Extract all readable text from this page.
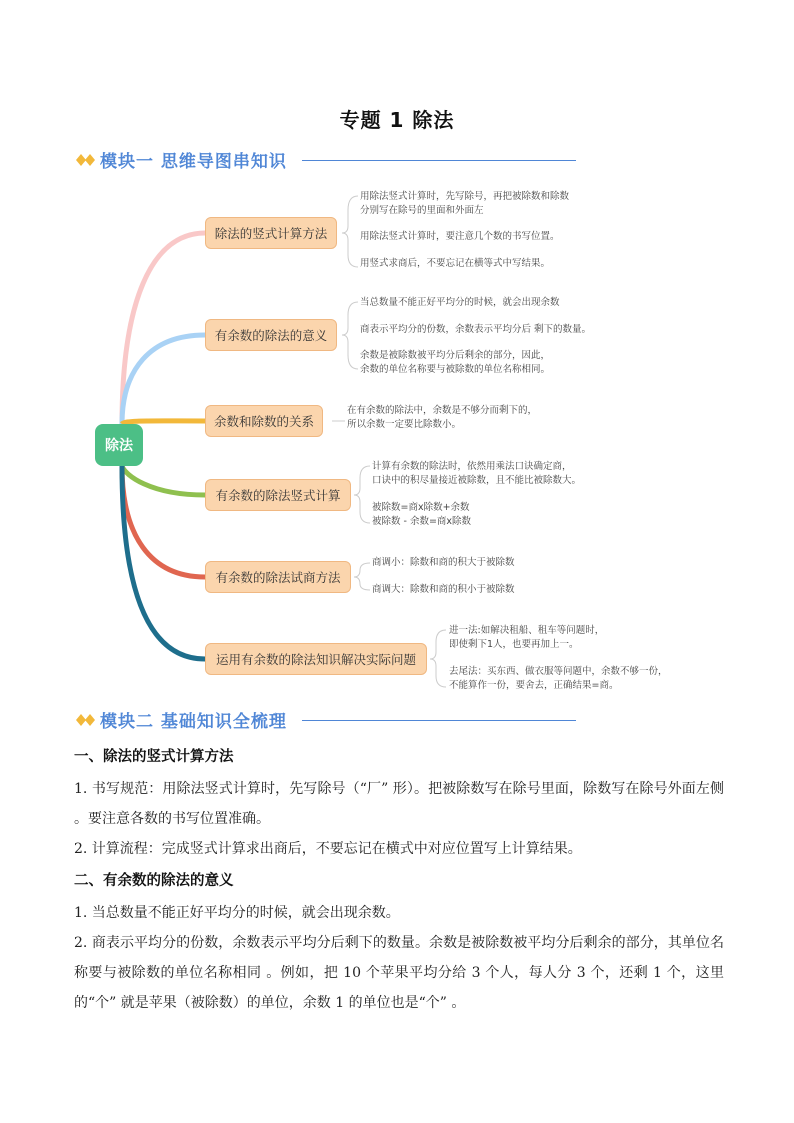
专题 1 除法
模块一 思维导图串知识
除法
除法的竖式计算方法
有余数的除法的意义
余数和除数的关系
有余数的除法竖式计算
有余数的除法试商方法
运用有余数的除法知识解决实际问题
用除法竖式计算时，先写除号，再把被除数和除数
分别写在除号的里面和外面左
用除法竖式计算时，要注意几个数的书写位置。
用竖式求商后，不要忘记在横等式中写结果。
当总数量不能正好平均分的时候，就会出现余数
商表示平均分的份数，余数表示平均分后 剩下的数量。
余数是被除数被平均分后剩余的部分，因此，
余数的单位名称要与被除数的单位名称相同。
在有余数的除法中，余数是不够分而剩下的，
所以余数一定要比除数小。
计算有余数的除法时，依然用乘法口诀确定商，
口诀中的积尽量接近被除数，且不能比被除数大。
被除数=商x除数+余数
被除数 - 余数=商x除数
商调小：除数和商的积大于被除数
商调大：除数和商的积小于被除数
进一法:如解决租船、租车等问题时，
即使剩下1人，也要再加上一。
去尾法：买东西、做衣服等问题中，余数不够一份，
不能算作一份，要舍去，正确结果=商。
模块二 基础知识全梳理
一、除法的竖式计算方法

1. 书写规范：用除法竖式计算时，先写除号（“厂” 形）。把被除数写在除号里面，除数写在除号外面左侧 。要注意各数的书写位置准确。

2. 计算流程：完成竖式计算求出商后，不要忘记在横式中对应位置写上计算结果。

二、有余数的除法的意义

1. 当总数量不能正好平均分的时候，就会出现余数。

2. 商表示平均分的份数，余数表示平均分后剩下的数量。余数是被除数被平均分后剩余的部分，其单位名称要与被除数的单位名称相同 。例如，把 10 个苹果平均分给 3 个人，每人分 3 个，还剩 1 个，这里的“个” 就是苹果（被除数）的单位，余数 1 的单位也是“个” 。
